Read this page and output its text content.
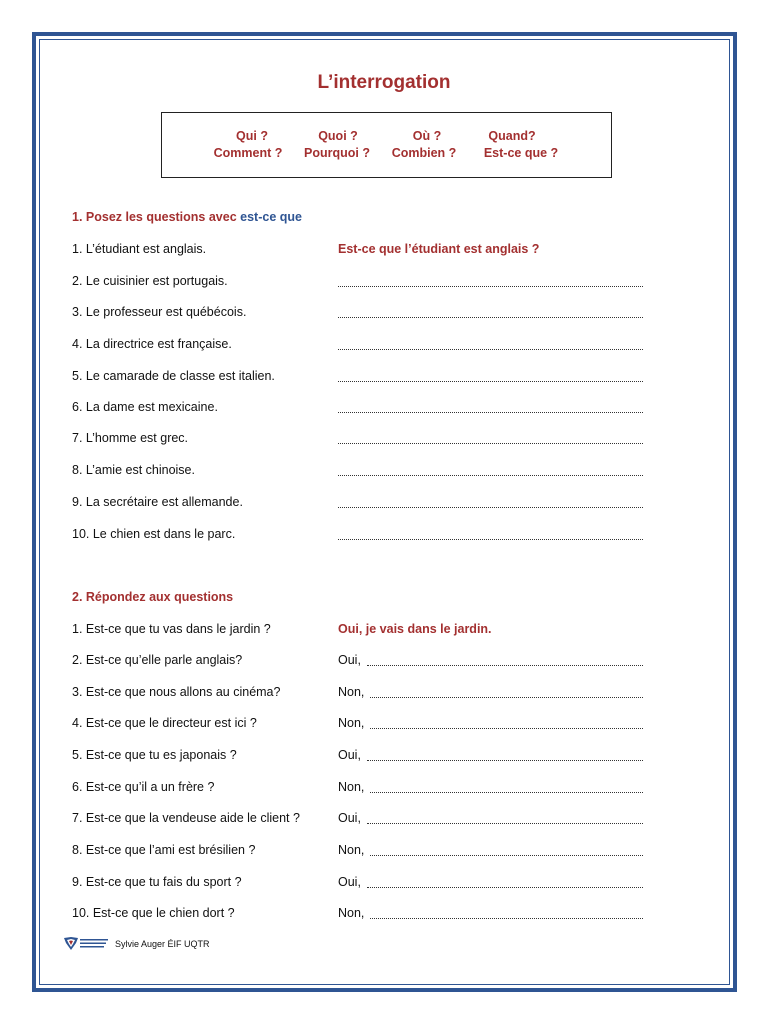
L’interrogation
Qui ?	Quoi ?	Où ?	Quand?
Comment ?	Pourquoi ?	Combien ?	Est-ce que ?
1. Posez les questions avec est-ce que
1. L’étudiant est anglais.	Est-ce que l’étudiant est anglais ?
2. Le cuisinier est portugais.
3. Le professeur est québécois.
4. La directrice est française.
5. Le camarade de classe est italien.
6. La dame est mexicaine.
7. L’homme est grec.
8. L’amie est chinoise.
9. La secrétaire est allemande.
10. Le chien est dans le parc.
2. Répondez aux questions
1. Est-ce que tu vas dans le jardin ?	Oui, je vais dans le jardin.
2. Est-ce qu’elle parle anglais?	Oui,
3. Est-ce que nous allons au cinéma?	Non,
4. Est-ce que le directeur est ici ?	Non,
5. Est-ce que tu es japonais ?	Oui,
6. Est-ce qu’il a un frère ?	Non,
7. Est-ce que la vendeuse aide le client ?	Oui,
8. Est-ce que l’ami est brésilien ?	Non,
9. Est-ce que tu fais du sport ?	Oui,
10. Est-ce que le chien dort ?	Non,
Sylvie Auger ÉIF UQTR
